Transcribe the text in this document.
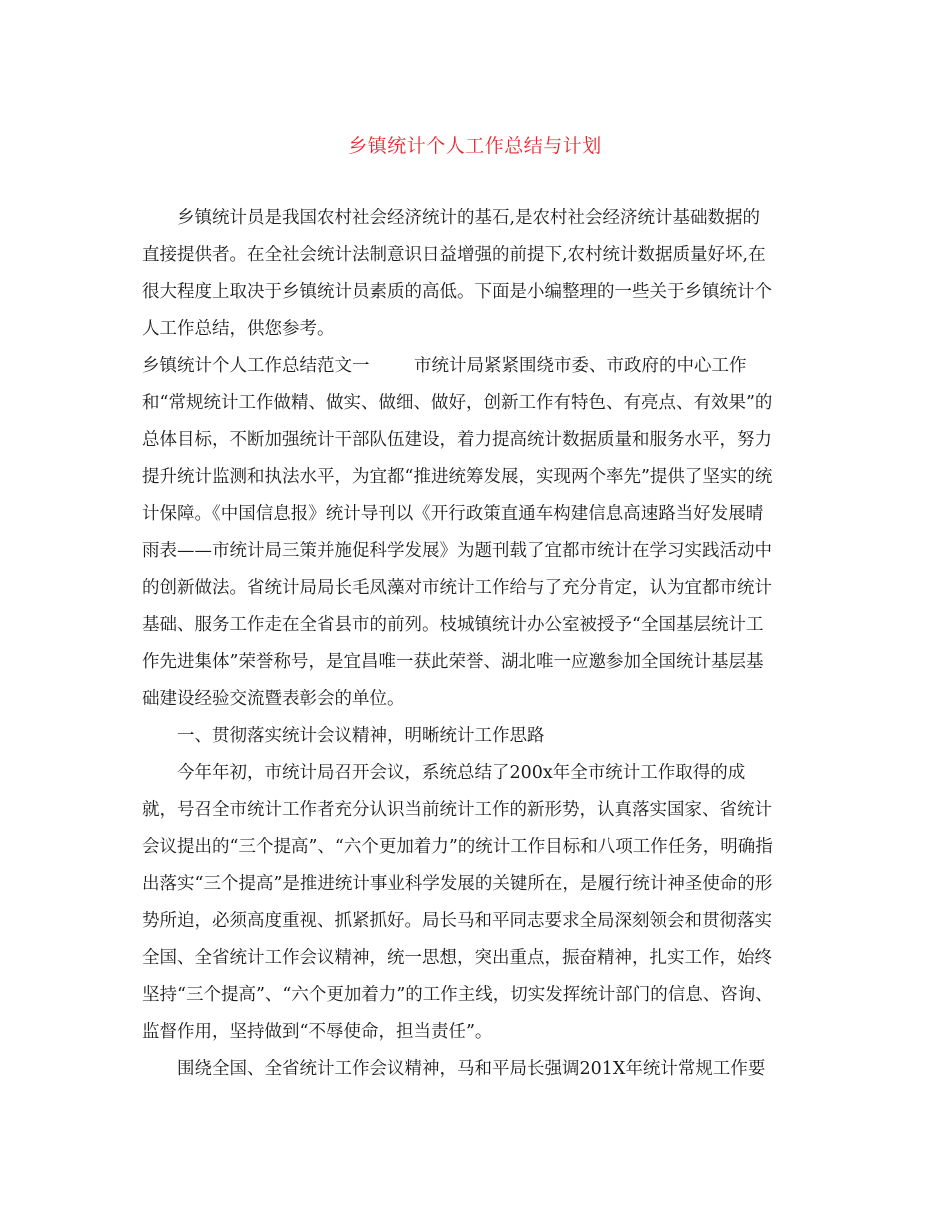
乡镇统计个人工作总结与计划
乡镇统计员是我国农村社会经济统计的基石,是农村社会经济统计基础数据的
直接提供者。在全社会统计法制意识日益增强的前提下,农村统计数据质量好坏,在
很大程度上取决于乡镇统计员素质的高低。下面是小编整理的一些关于乡镇统计个
人工作总结，供您参考。
乡镇统计个人工作总结范文一        市统计局紧紧围绕市委、市政府的中心工作
和“常规统计工作做精、做实、做细、做好，创新工作有特色、有亮点、有效果”的
总体目标，不断加强统计干部队伍建设，着力提高统计数据质量和服务水平，努力
提升统计监测和执法水平，为宜都“推进统筹发展，实现两个率先”提供了坚实的统
计保障。《中国信息报》统计导刊以《开行政策直通车构建信息高速路当好发展晴
雨表——市统计局三策并施促科学发展》为题刊载了宜都市统计在学习实践活动中
的创新做法。省统计局局长毛凤藻对市统计工作给与了充分肯定，认为宜都市统计
基础、服务工作走在全省县市的前列。枝城镇统计办公室被授予“全国基层统计工
作先进集体”荣誉称号，是宜昌唯一获此荣誉、湖北唯一应邀参加全国统计基层基
础建设经验交流暨表彰会的单位。
一、贯彻落实统计会议精神，明晰统计工作思路
今年年初，市统计局召开会议，系统总结了200x年全市统计工作取得的成
就，号召全市统计工作者充分认识当前统计工作的新形势，认真落实国家、省统计
会议提出的“三个提高”、“六个更加着力”的统计工作目标和八项工作任务，明确指
出落实“三个提高”是推进统计事业科学发展的关键所在，是履行统计神圣使命的形
势所迫，必须高度重视、抓紧抓好。局长马和平同志要求全局深刻领会和贯彻落实
全国、全省统计工作会议精神，统一思想，突出重点，振奋精神，扎实工作，始终
坚持“三个提高”、“六个更加着力”的工作主线，切实发挥统计部门的信息、咨询、
监督作用，坚持做到“不辱使命，担当责任”。
围绕全国、全省统计工作会议精神，马和平局长强调201X年统计常规工作要
